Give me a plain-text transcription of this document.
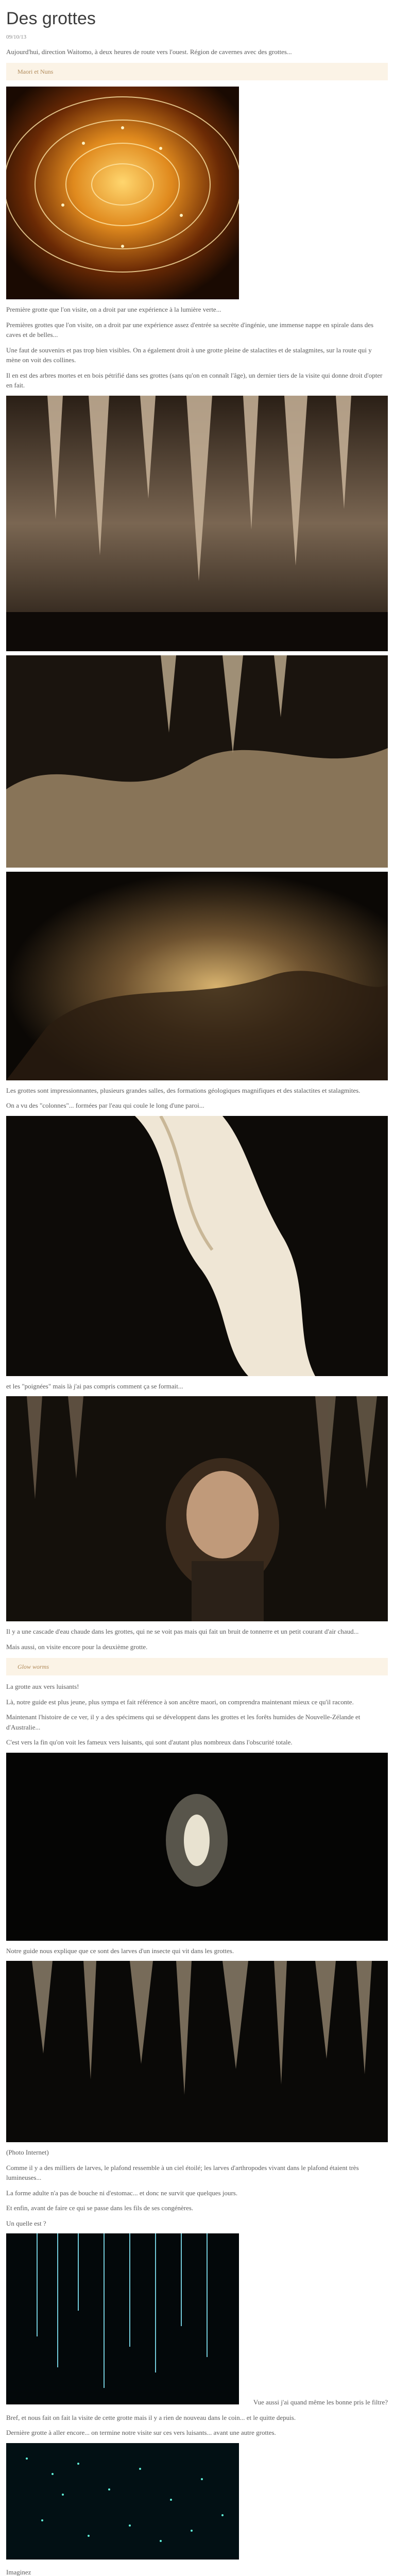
Des grottes
09/10/13

Aujourd'hui, direction Waitomo, à deux heures de route vers l'ouest. Région de cavernes avec des grottes...

Maori et Nuns

Première grotte que l'on visite, on a droit par une expérience à la lumière verte...

Premières grottes que l'on visite, on a droit par une expérience assez d'entrée sa secrète d'ingénie, une immense nappe en spirale dans des caves et de belles...

Une faut de souvenirs et pas trop bien visibles. On a également droit à une grotte pleine de stalactites et de stalagmites, sur la route qui y mène on voit des collines.

Il en est des arbres mortes et en bois pétrifié dans ses grottes (sans qu'on en connaît l'âge), un dernier tiers de la visite qui donne droit d'opter en fait.

Les grottes sont impressionnantes, plusieurs grandes salles, des formations géologiques magnifiques et des stalactites et stalagmites.

On a vu des "colonnes"... formées par l'eau qui coule le long d'une paroi...

et les "poignées" mais là j'ai pas compris comment ça se formait...

Il y a une cascade d'eau chaude dans les grottes, qui ne se voit pas mais qui fait un bruit de tonnerre et un petit courant d'air chaud...

Mais aussi, on visite encore pour la deuxième grotte.

Glow worms

La grotte aux vers luisants!

Là, notre guide est plus jeune, plus sympa et fait référence à son ancêtre maori, on comprendra maintenant mieux ce qu'il raconte.

Maintenant l'histoire de ce ver, il y a des spécimens qui se développent dans les grottes et les forêts humides de Nouvelle-Zélande et d'Australie...

C'est vers la fin qu'on voit les fameux vers luisants, qui sont d'autant plus nombreux dans l'obscurité totale.

Notre guide nous explique que ce sont des larves d'un insecte qui vit dans les grottes.

(Photo Internet)

Comme il y a des milliers de larves, le plafond ressemble à un ciel étoilé; les larves d'arthropodes vivant dans le plafond étaient très lumineuses...

La forme adulte n'a pas de bouche ni d'estomac... et donc ne survit que quelques jours.

Et enfin, avant de faire ce qui se passe dans les fils de ses congénères.

Un quelle est ?

Vue aussi j'ai quand même les bonne pris le filtre?

Bref, et nous fait on fait la visite de cette grotte mais il y a rien de nouveau dans le coin... et le quitte depuis.

Dernière grotte à aller encore... on termine notre visite sur ces vers luisants... avant une autre grottes.

Imaginez
